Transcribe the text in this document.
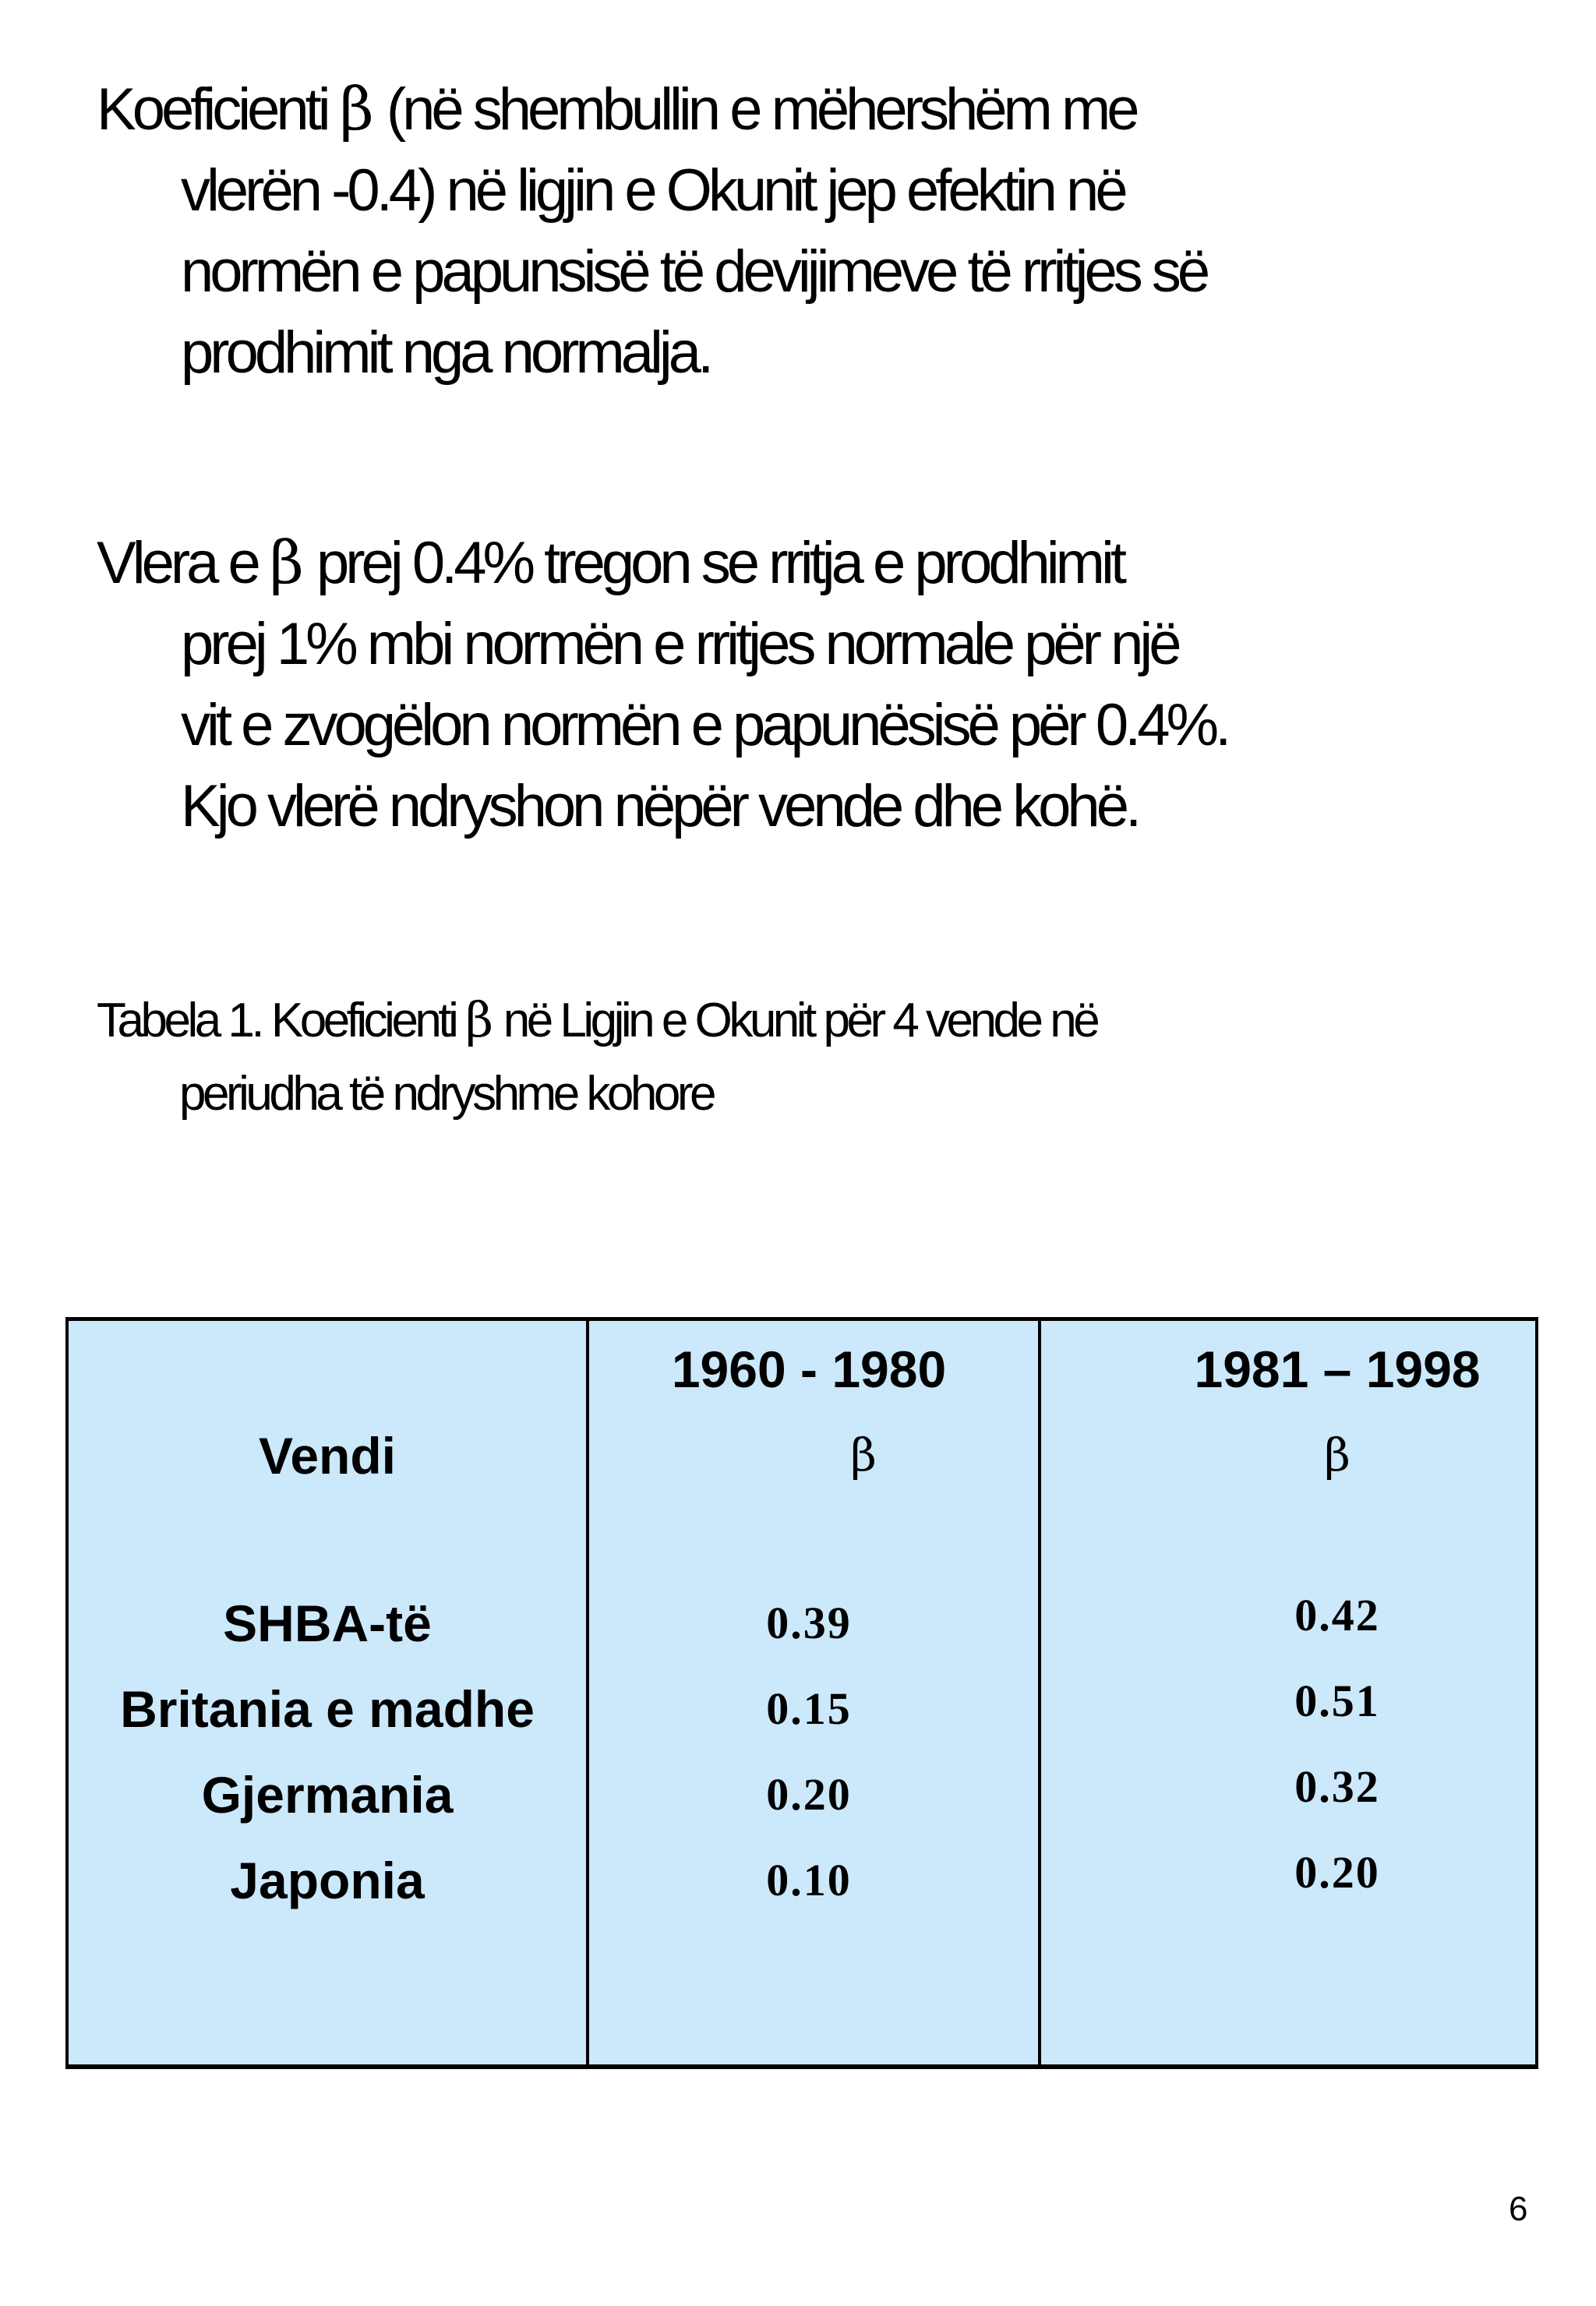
Koeficienti β (në shembullin e mëhershëm me
vlerën -0.4) në ligjin e Okunit jep efektin në
normën e papunsisë të devijimeve të rritjes së
prodhimit nga normalja.
Vlera e β prej 0.4% tregon se rritja e prodhimit
prej 1% mbi normën e rritjes normale për një
vit e zvogëlon normën e papunësisë për 0.4%.
Kjo vlerë ndryshon nëpër vende dhe kohë.
Tabela 1. Koeficienti β në Ligjin e Okunit për 4 vende në
periudha të ndryshme kohore
Vendi
1960 - 1980
β
1981 – 1998
β
SHBA-të
Britania e madhe
Gjermania
Japonia
0.39
0.15
0.20
0.10
0.42
0.51
0.32
0.20
6
